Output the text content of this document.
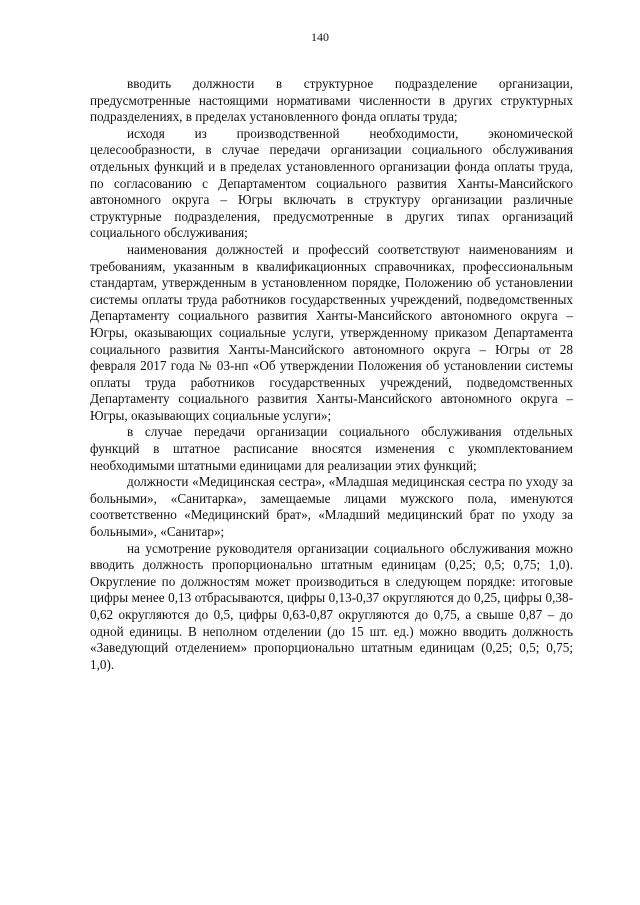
140

вводить должности в структурное подразделение организации, предусмотренные настоящими нормативами численности в других структурных подразделениях, в пределах установленного фонда оплаты труда;

исходя из производственной необходимости, экономической целесообразности, в случае передачи организации социального обслуживания отдельных функций и в пределах установленного организации фонда оплаты труда, по согласованию с Департаментом социального развития Ханты-Мансийского автономного округа – Югры включать в структуру организации различные структурные подразделения, предусмотренные в других типах организаций социального обслуживания;

наименования должностей и профессий соответствуют наименованиям и требованиям, указанным в квалификационных справочниках, профессиональным стандартам, утвержденным в установленном порядке, Положению об установлении системы оплаты труда работников государственных учреждений, подведомственных Департаменту социального развития Ханты-Мансийского автономного округа – Югры, оказывающих социальные услуги, утвержденному приказом Департамента социального развития Ханты-Мансийского автономного округа – Югры от 28 февраля 2017 года № 03-нп «Об утверждении Положения об установлении системы оплаты труда работников государственных учреждений, подведомственных Департаменту социального развития Ханты-Мансийского автономного округа – Югры, оказывающих социальные услуги»;

в случае передачи организации социального обслуживания отдельных функций в штатное расписание вносятся изменения с укомплектованием необходимыми штатными единицами для реализации этих функций;

должности «Медицинская сестра», «Младшая медицинская сестра по уходу за больными», «Санитарка», замещаемые лицами мужского пола, именуются соответственно «Медицинский брат», «Младший медицинский брат по уходу за больными», «Санитар»;

на усмотрение руководителя организации социального обслуживания можно вводить должность пропорционально штатным единицам (0,25; 0,5; 0,75; 1,0). Округление по должностям может производиться в следующем порядке: итоговые цифры менее 0,13 отбрасываются, цифры 0,13-0,37 округляются до 0,25, цифры 0,38-0,62 округляются до 0,5, цифры 0,63-0,87 округляются до 0,75, а свыше 0,87 – до одной единицы. В неполном отделении (до 15 шт. ед.) можно вводить должность «Заведующий отделением» пропорционально штатным единицам (0,25; 0,5; 0,75; 1,0).
